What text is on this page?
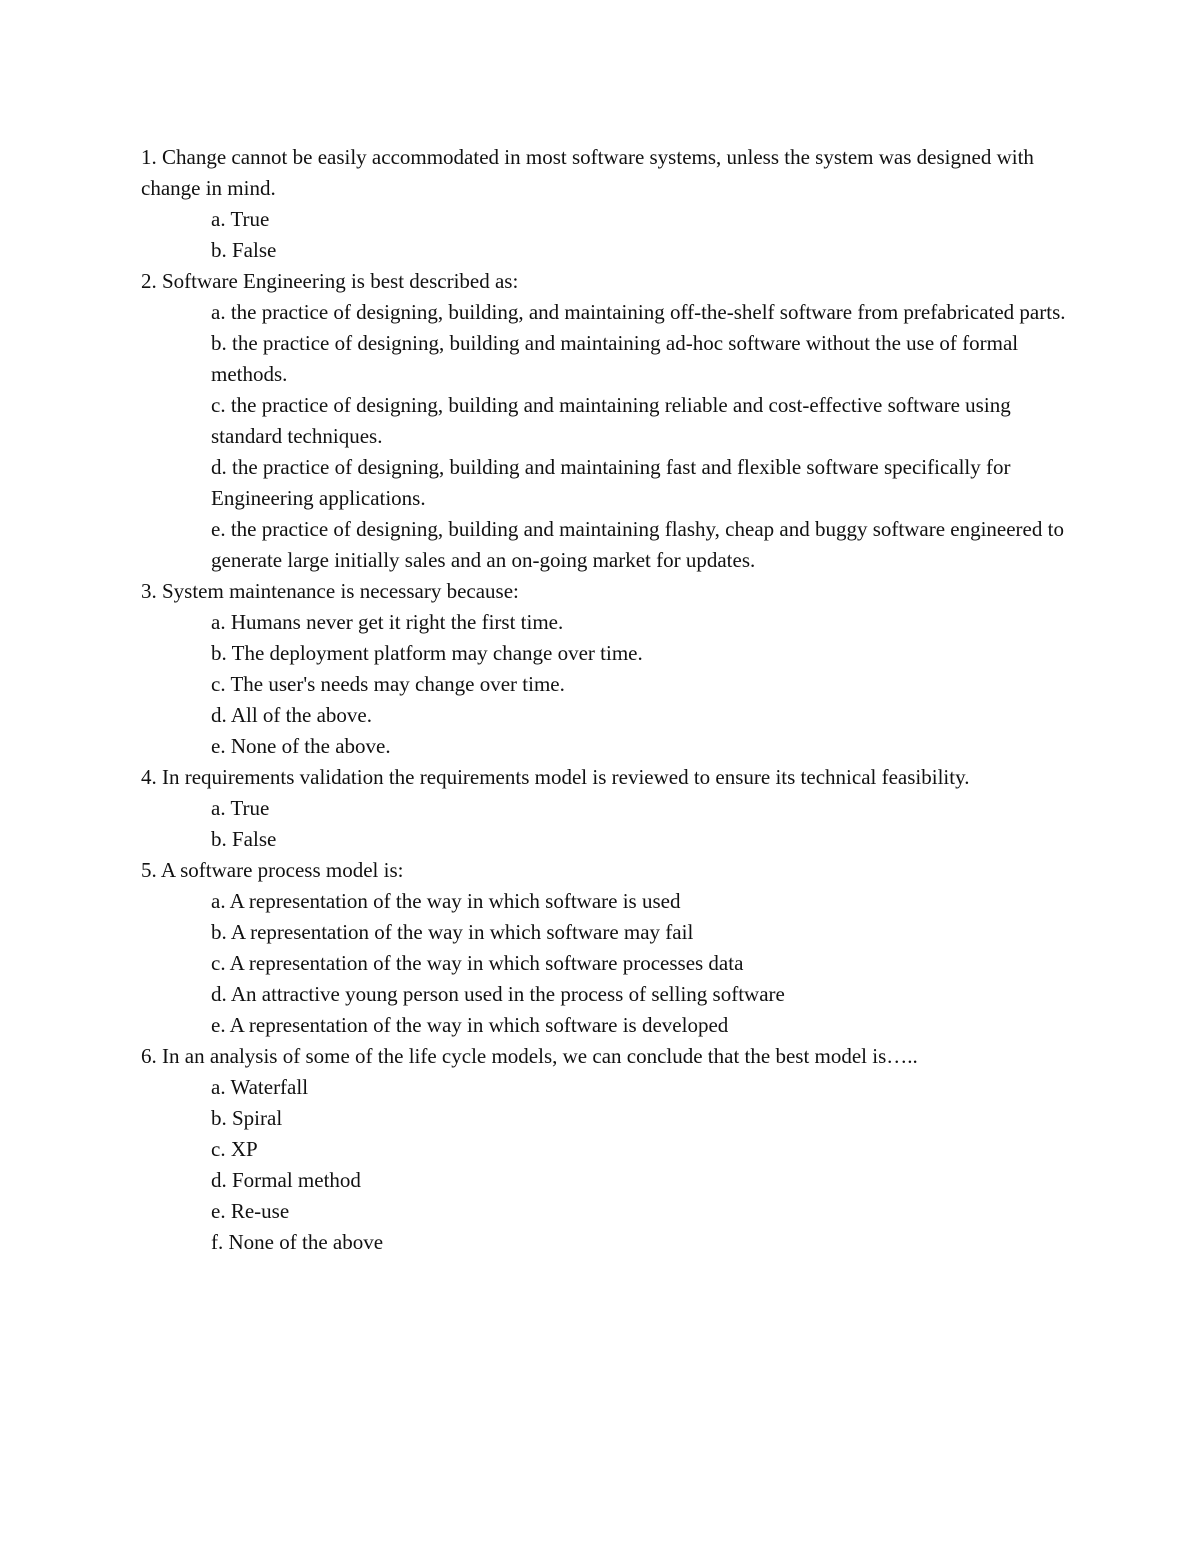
1. Change cannot be easily accommodated in most software systems, unless the system was designed with change in mind.

a. True
b. False

2. Software Engineering is best described as:

a. the practice of designing, building, and maintaining off-the-shelf software from prefabricated parts.
b. the practice of designing, building and maintaining ad-hoc software without the use of formal methods.
c. the practice of designing, building and maintaining reliable and cost-effective software using standard techniques.
d. the practice of designing, building and maintaining fast and flexible software specifically for Engineering applications.
e. the practice of designing, building and maintaining flashy, cheap and buggy software engineered to generate large initially sales and an on-going market for updates.

3. System maintenance is necessary because:

a. Humans never get it right the first time.
b. The deployment platform may change over time.
c. The user's needs may change over time.
d. All of the above.
e. None of the above.

4. In requirements validation the requirements model is reviewed to ensure its technical feasibility.

a. True
b. False

5. A software process model is:

a. A representation of the way in which software is used
b. A representation of the way in which software may fail
c. A representation of the way in which software processes data
d. An attractive young person used in the process of selling software
e. A representation of the way in which software is developed

6. In an analysis of some of the life cycle models, we can conclude that the best model is…..

a. Waterfall
b. Spiral
c. XP
d. Formal method
e. Re-use
f. None of the above
